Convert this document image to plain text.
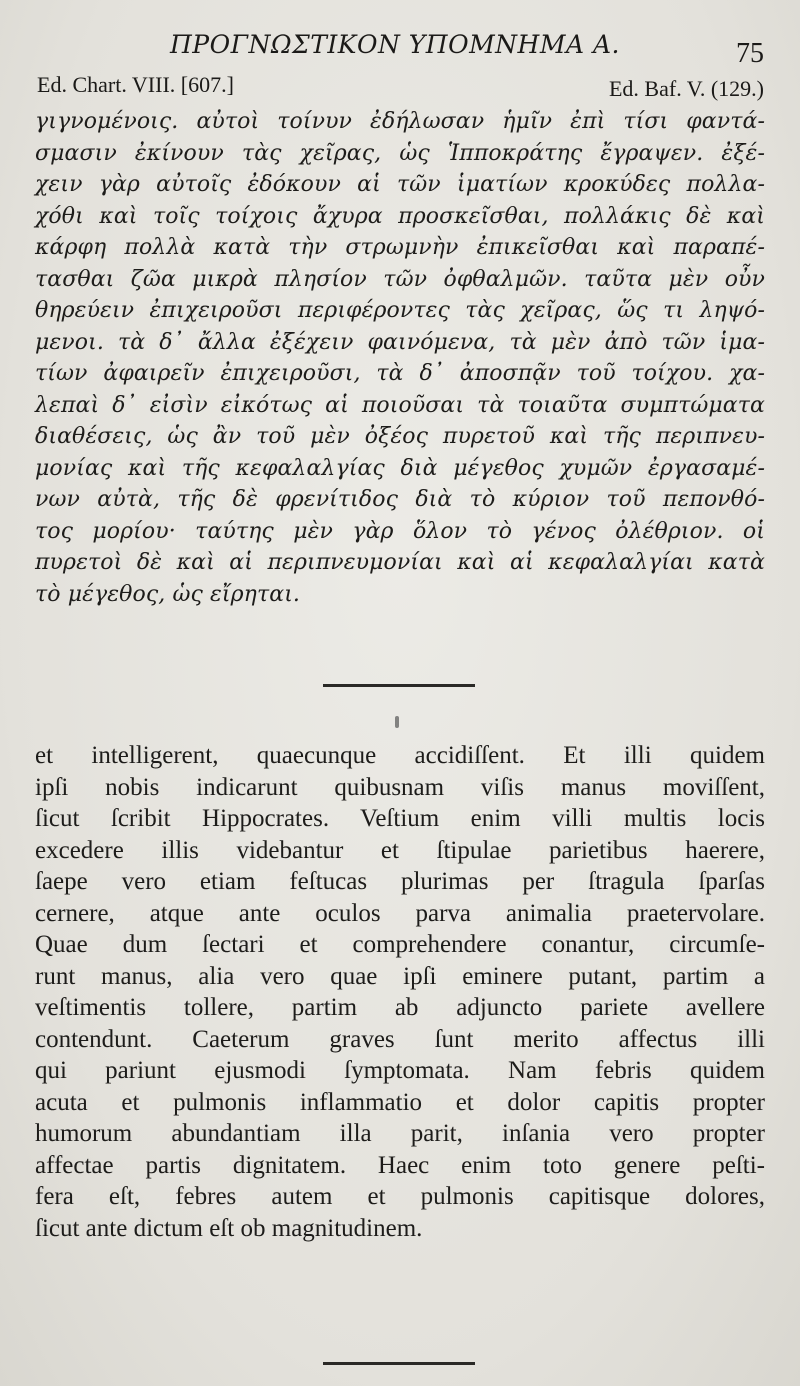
ΠΡΟΓΝΩΣΤΙΚΟΝ ΥΠΟΜΝΗΜΑ Α.	75
Ed. Chart. VIII. [607.]	Ed. Baf. V. (129.)
γιγνομένοις. αὐτοὶ τοίνυν ἐδήλωσαν ἡμῖν ἐπὶ τίσι φαντά-
σμασιν ἐκίνουν τὰς χεῖρας, ὡς Ἱπποκράτης ἔγραψεν. ἐξέ-
χειν γὰρ αὐτοῖς ἐδόκουν αἱ τῶν ἱματίων κροκύδες πολλα-
χόθι καὶ τοῖς τοίχοις ἄχυρα προσκεῖσθαι, πολλάκις δὲ καὶ
κάρφη πολλὰ κατὰ τὴν στρωμνὴν ἐπικεῖσθαι καὶ παραπέ-
τασθαι ζῶα μικρὰ πλησίον τῶν ὀφθαλμῶν. ταῦτα μὲν οὖν
θηρεύειν ἐπιχειροῦσι περιφέροντες τὰς χεῖρας, ὥς τι ληψό-
μενοι. τὰ δ᾽ ἄλλα ἐξέχειν φαινόμενα, τὰ μὲν ἀπὸ τῶν ἱμα-
τίων ἀφαιρεῖν ἐπιχειροῦσι, τὰ δ᾽ ἀποσπᾷν τοῦ τοίχου. χα-
λεπαὶ δ᾽ εἰσὶν εἰκότως αἱ ποιοῦσαι τὰ τοιαῦτα συμπτώματα
διαθέσεις, ὡς ἂν τοῦ μὲν ὀξέος πυρετοῦ καὶ τῆς περιπνευ-
μονίας καὶ τῆς κεφαλαλγίας διὰ μέγεθος χυμῶν ἐργασαμέ-
νων αὐτὰ, τῆς δὲ φρενίτιδος διὰ τὸ κύριον τοῦ πεπονθό-
τος μορίου· ταύτης μὲν γὰρ ὅλον τὸ γένος ὀλέθριον. οἱ
πυρετοὶ δὲ καὶ αἱ περιπνευμονίαι καὶ αἱ κεφαλαλγίαι κατὰ
τὸ μέγεθος, ὡς εἴρηται.
et intelligerent, quaecunque accidiſſent. Et illi quidem
ipſi nobis indicarunt quibusnam viſis manus moviſſent,
ſicut ſcribit Hippocrates. Veſtium enim villi multis locis
excedere illis videbantur et ſtipulae parietibus haerere,
ſaepe vero etiam feſtucas plurimas per ſtragula ſparſas
cernere, atque ante oculos parva animalia praetervolare.
Quae dum ſectari et comprehendere conantur, circumſe-
runt manus, alia vero quae ipſi eminere putant, partim a
veſtimentis tollere, partim ab adjuncto pariete avellere
contendunt. Caeterum graves ſunt merito affectus illi
qui pariunt ejusmodi ſymptomata. Nam febris quidem
acuta et pulmonis inflammatio et dolor capitis propter
humorum abundantiam illa parit, inſania vero propter
affectae partis dignitatem. Haec enim toto genere peſti-
fera eſt, febres autem et pulmonis capitisque dolores,
ſicut ante dictum eſt ob magnitudinem.
